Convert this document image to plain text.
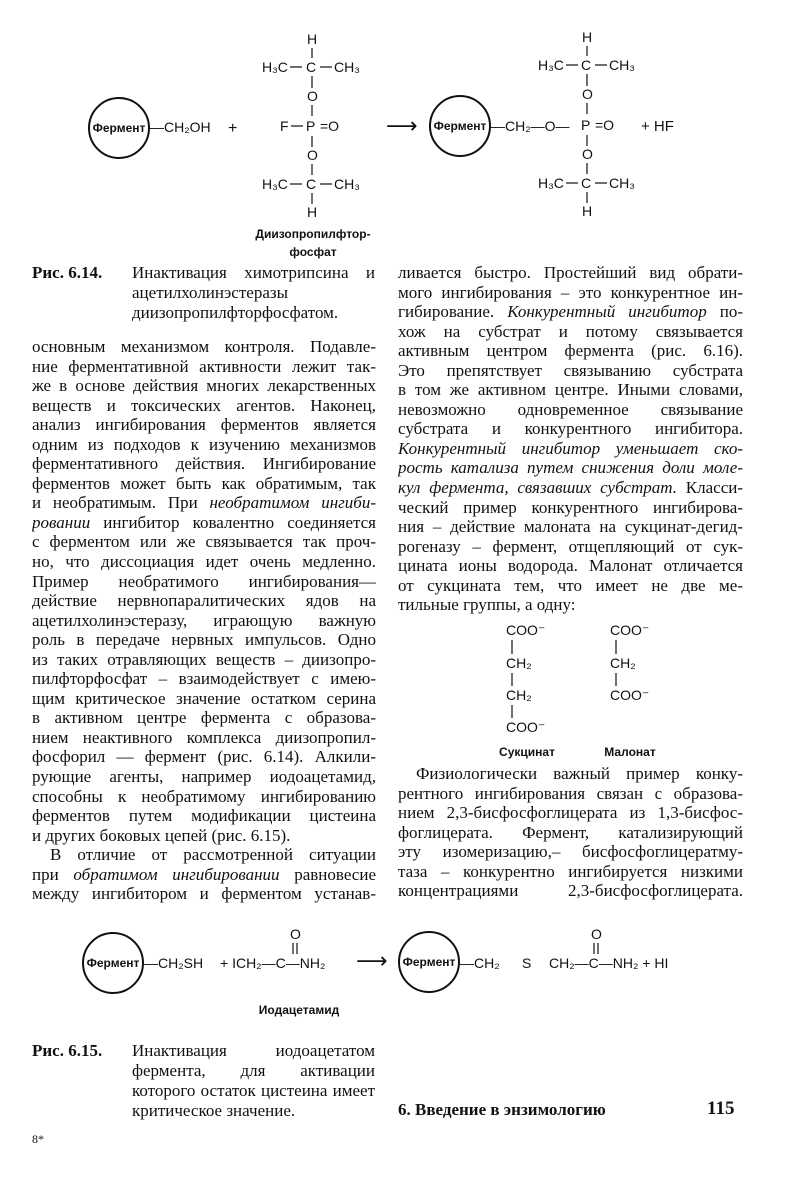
Фермент —CH₂OH +
H
H₃C C CH₃
O
F P =O
O
H₃C C CH₃
H
Диизопропилфтор-
фосфат
⟶ Фермент —CH₂—O—
H
H₃C C CH₃
O
P =O
O
H₃C C CH₃
H
+ HF
Рис. 6.14. Инактивация химотрипсина и ацетилхолинэстеразы диизопропилфторфосфатом.
основным механизмом контроля. Подавле-
ние ферментативной активности лежит так-
же в основе действия многих лекарственных
веществ и токсических агентов. Наконец,
анализ ингибирования ферментов является
одним из подходов к изучению механизмов
ферментативного действия. Ингибирование
ферментов может быть как обратимым, так
и необратимым. При необратимом ингиби-
ровании ингибитор ковалентно соединяется
с ферментом или же связывается так проч-
но, что диссоциация идет очень медленно.
Пример необратимого ингибирования—
действие нервнопаралитических ядов на
ацетилхолинэстеразу, играющую важную
роль в передаче нервных импульсов. Одно
из таких отравляющих веществ – диизопро-
пилфторфосфат – взаимодействует с имею-
щим критическое значение остатком серина
в активном центре фермента с образова-
нием неактивного комплекса диизопропил-
фосфорил — фермент (рис. 6.14). Алкили-
рующие агенты, например иодоацетамид,
способны к необратимому ингибированию
ферментов путем модификации цистеина
и других боковых цепей (рис. 6.15).
В отличие от рассмотренной ситуации
при обратимом ингибировании равновесие
между ингибитором и ферментом устанав-
ливается быстро. Простейший вид обрати-
мого ингибирования – это конкурентное ин-
гибирование. Конкурентный ингибитор по-
хож на субстрат и потому связывается
активным центром фермента (рис. 6.16).
Это препятствует связыванию субстрата
в том же активном центре. Иными словами,
невозможно одновременное связывание
субстрата и конкурентного ингибитора.
Конкурентный ингибитор уменьшает ско-
рость катализа путем снижения доли моле-
кул фермента, связавших субстрат. Класси-
ческий пример конкурентного ингибирова-
ния – действие малоната на сукцинат-дегид-
рогеназу – фермент, отщепляющий от сук-
цината ионы водорода. Малонат отличается
от сукцината тем, что имеет не две ме-
тильные группы, а одну:
COO⁻
CH₂
CH₂
COO⁻
Сукцинат
COO⁻
CH₂
COO⁻
Малонат
Физиологически важный пример конку-
рентного ингибирования связан с образова-
нием 2,3-бисфосфоглицерата из 1,3-бисфос-
фоглицерата. Фермент, катализирующий
эту изомеризацию,– бисфосфоглицератму-
таза – конкурентно ингибируется низкими
концентрациями 2,3-бисфосфоглицерата.
Фермент —CH₂SH + ICH₂—C—NH₂
O
⟶ Фермент —CH₂ S CH₂—C—NH₂ + HI
O
Иодацетамид
Рис. 6.15. Инактивация иодоацетатом фермента, для активации которого остаток цистеина имеет критическое значение.	6. Введение в энзимологию	115
8*
